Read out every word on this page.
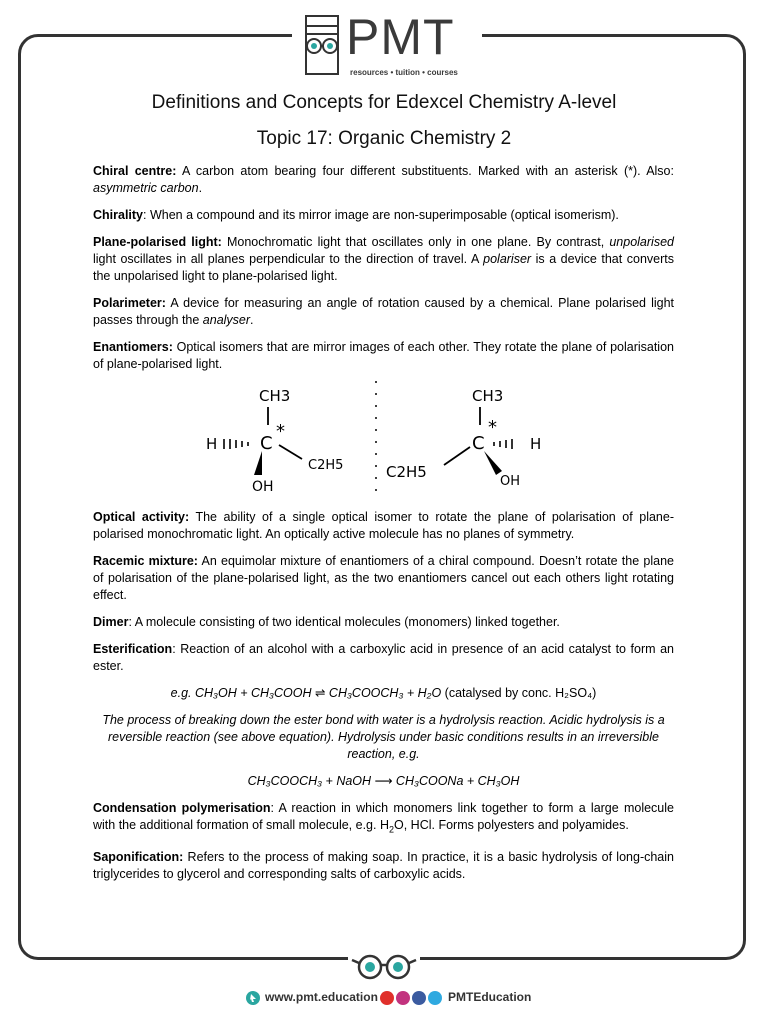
PMT
resources • tuition • courses
Definitions and Concepts for Edexcel Chemistry A-level
Topic 17: Organic Chemistry 2

Chiral centre: A carbon atom bearing four different substituents. Marked with an asterisk (*). Also: asymmetric carbon.

Chirality: When a compound and its mirror image are non-superimposable (optical isomerism).

Plane-polarised light: Monochromatic light that oscillates only in one plane. By contrast, unpolarised light oscillates in all planes perpendicular to the direction of travel. A polariser is a device that converts the unpolarised light to plane-polarised light.

Polarimeter: A device for measuring an angle of rotation caused by a chemical. Plane polarised light passes through the analyser.

Enantiomers: Optical isomers that are mirror images of each other. They rotate the plane of polarisation of plane-polarised light.

CH3
C
*
H
OH
C2H5
CH3
C
*
H
OH
C2H5

Optical activity: The ability of a single optical isomer to rotate the plane of polarisation of plane-polarised monochromatic light. An optically active molecule has no planes of symmetry.

Racemic mixture: An equimolar mixture of enantiomers of a chiral compound. Doesn’t rotate the plane of polarisation of the plane-polarised light, as the two enantiomers cancel out each others light rotating effect.

Dimer: A molecule consisting of two identical molecules (monomers) linked together.

Esterification: Reaction of an alcohol with a carboxylic acid in presence of an acid catalyst to form an ester.

e.g. CH₃OH + CH₃COOH ⇌ CH₃COOCH₃ + H₂O (catalysed by conc. H₂SO₄)

The process of breaking down the ester bond with water is a hydrolysis reaction. Acidic hydrolysis is a reversible reaction (see above equation). Hydrolysis under basic conditions results in an irreversible reaction, e.g.

CH₃COOCH₃ + NaOH ⟶ CH₃COONa + CH₃OH

Condensation polymerisation: A reaction in which monomers link together to form a large molecule with the additional formation of small molecule, e.g. $H_2O$, HCl. Forms polyesters and polyamides.

Saponification: Refers to the process of making soap. In practice, it is a basic hydrolysis of long-chain triglycerides to glycerol and corresponding salts of carboxylic acids.

www.pmt.education	PMTEducation
